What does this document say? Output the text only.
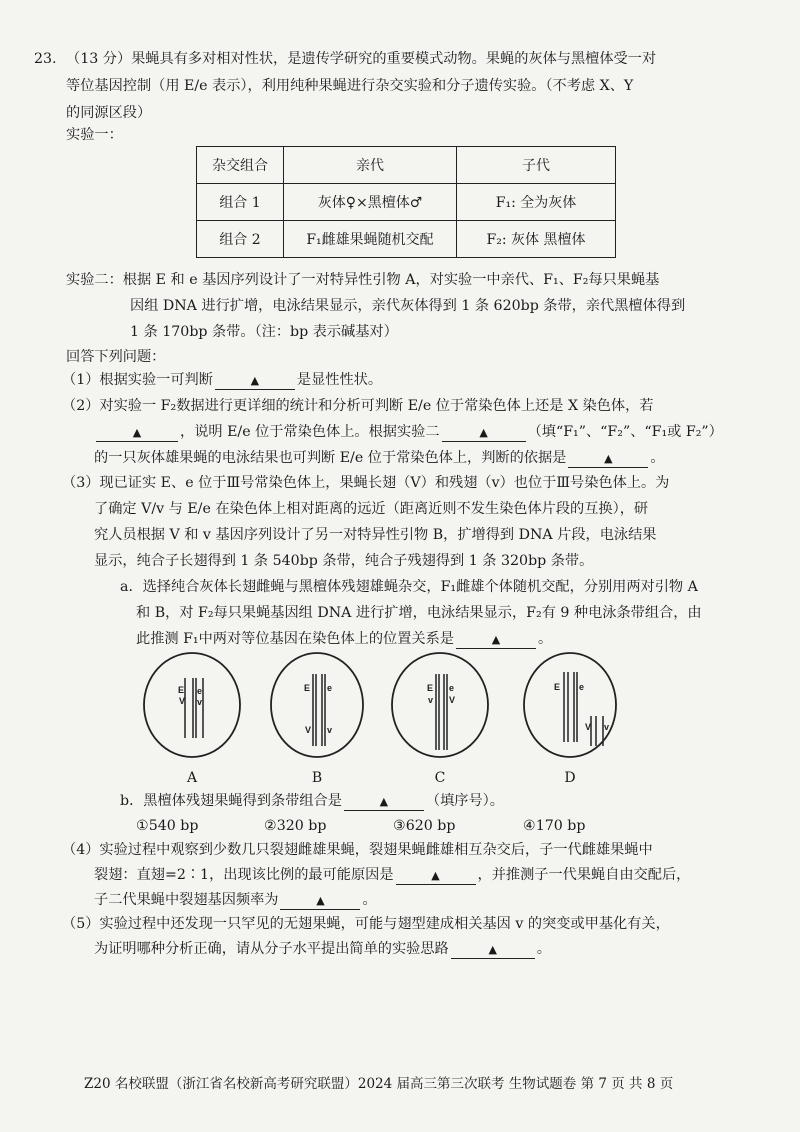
23. （13 分）果蝇具有多对相对性状，是遗传学研究的重要模式动物。果蝇的灰体与黑檀体受一对
等位基因控制（用 E/e 表示），利用纯种果蝇进行杂交实验和分子遗传实验。（不考虑 X、Y
的同源区段）
实验一：
杂交组合	亲代	子代
组合 1	灰体♀×黑檀体♂	F₁: 全为灰体
组合 2	F₁雌雄果蝇随机交配	F₂: 灰体 黑檀体
实验二：根据 E 和 e 基因序列设计了一对特异性引物 A，对实验一中亲代、F₁、F₂每只果蝇基
因组 DNA 进行扩增，电泳结果显示，亲代灰体得到 1 条 620bp 条带，亲代黑檀体得到
1 条 170bp 条带。（注：bp 表示碱基对）
回答下列问题：
（1）根据实验一可判断	▲	是显性性状。
（2）对实验一 F₂数据进行更详细的统计和分析可判断 E/e 位于常染色体上还是 X 染色体，若
▲	，说明 E/e 位于常染色体上。根据实验二	▲	（填“F₁”、“F₂”、“F₁或 F₂”）
的一只灰体雄果蝇的电泳结果也可判断 E/e 位于常染色体上，判断的依据是	▲	。
（3）现已证实 E、e 位于Ⅲ号常染色体上，果蝇长翅（V）和残翅（v）也位于Ⅲ号染色体上。为
了确定 V/v 与 E/e 在染色体上相对距离的远近（距离近则不发生染色体片段的互换），研
究人员根据 V 和 v 基因序列设计了另一对特异性引物 B，扩增得到 DNA 片段，电泳结果
显示，纯合子长翅得到 1 条 540bp 条带，纯合子残翅得到 1 条 320bp 条带。
a．选择纯合灰体长翅雌蝇与黑檀体残翅雄蝇杂交，F₁雌雄个体随机交配，分别用两对引物 A
和 B，对 F₂每只果蝇基因组 DNA 进行扩增，电泳结果显示，F₂有 9 种电泳条带组合，由
此推测 F₁中两对等位基因在染色体上的位置关系是	▲	。
E
V
e
v
E e
V v
E
v
e
V
E e
V v
A	B	C	D
b．黑檀体残翅果蝇得到条带组合是	▲	（填序号）。
①540 bp	②320 bp	③620 bp	④170 bp
（4）实验过程中观察到少数几只裂翅雌雄果蝇，裂翅果蝇雌雄相互杂交后，子一代雌雄果蝇中
裂翅：直翅=2∶1，出现该比例的最可能原因是	▲	，并推测子一代果蝇自由交配后，
子二代果蝇中裂翅基因频率为	▲	。
（5）实验过程中还发现一只罕见的无翅果蝇，可能与翅型建成相关基因 v 的突变或甲基化有关，
为证明哪种分析正确，请从分子水平提出简单的实验思路	▲	。
Z20 名校联盟（浙江省名校新高考研究联盟）2024 届高三第三次联考 生物试题卷 第 7 页 共 8 页
